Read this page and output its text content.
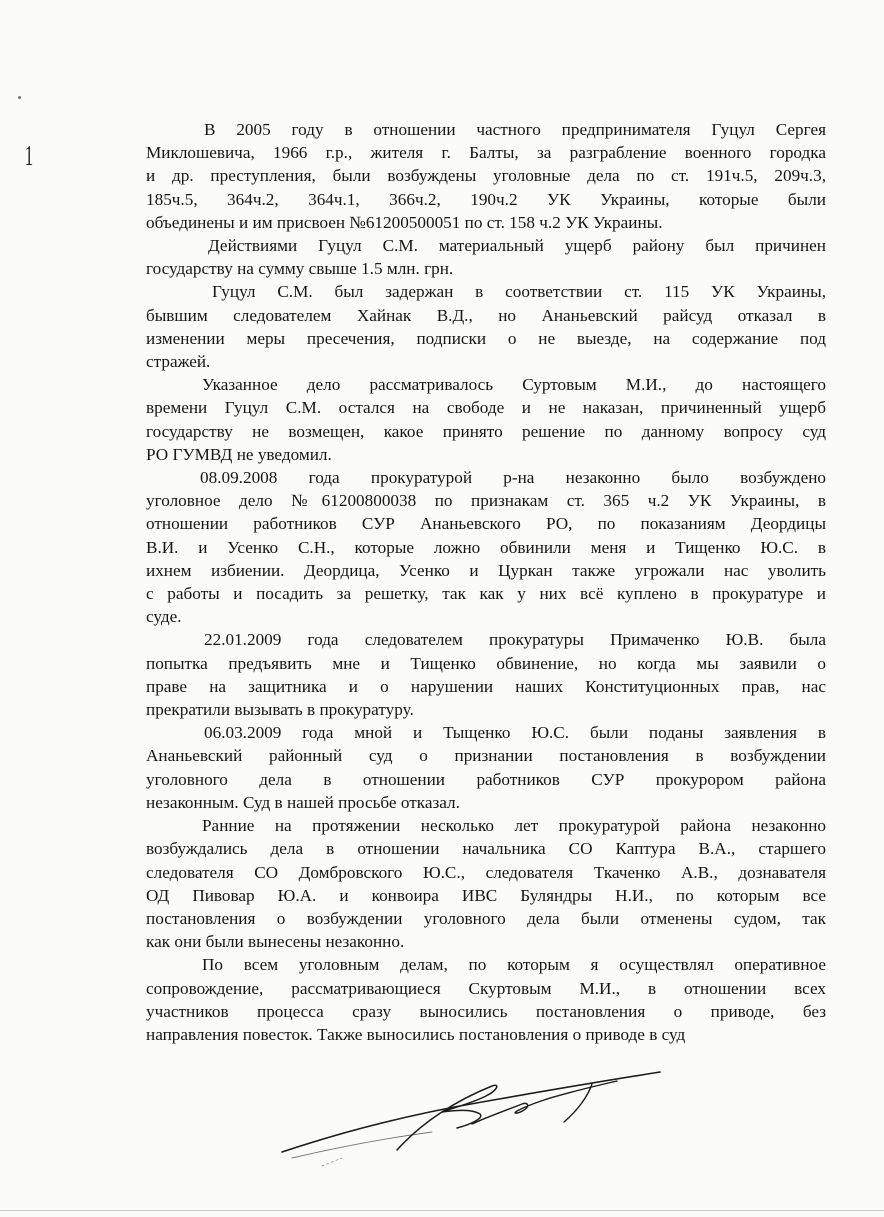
1

В 2005 году в отношении частного предпринимателя Гуцул Сергея
Миклошевича, 1966 г.р., жителя г. Балты, за разграбление военного городка
и др. преступления, были возбуждены уголовные дела по ст. 191ч.5, 209ч.3,
185ч.5, 364ч.2, 364ч.1, 366ч.2, 190ч.2 УК Украины, которые были
объединены и им присвоен №61200500051 по ст. 158 ч.2 УК Украины.

Действиями Гуцул С.М. материальный ущерб району был причинен
государству на сумму свыше 1.5 млн. грн.

Гуцул С.М. был задержан в соответствии ст. 115 УК Украины,
бывшим следователем Хайнак В.Д., но Ананьевский райсуд отказал в
изменении меры пресечения, подписки о не выезде, на содержание под
стражей.

Указанное дело рассматривалось Суртовым М.И., до настоящего
времени Гуцул С.М. остался на свободе и не наказан, причиненный ущерб
государству не возмещен, какое принято решение по данному вопросу суд
РО ГУМВД не уведомил.

08.09.2008 года прокуратурой р-на незаконно было возбуждено
уголовное дело №61200800038 по признакам ст. 365 ч.2 УК Украины, в
отношении работников СУР Ананьевского РО, по показаниям Деордицы
В.И. и Усенко С.Н., которые ложно обвинили меня и Тищенко Ю.С. в
ихнем избиении. Деордица, Усенко и Цуркан также угрожали нас уволить
с работы и посадить за решетку, так как у них всё куплено в прокуратуре и
суде.

22.01.2009 года следователем прокуратуры Примаченко Ю.В. была
попытка предъявить мне и Тищенко обвинение, но когда мы заявили о
праве на защитника и о нарушении наших Конституционных прав, нас
прекратили вызывать в прокуратуру.

06.03.2009 года мной и Тыщенко Ю.С. были поданы заявления в
Ананьевский районный суд о признании постановления в возбуждении
уголовного дела в отношении работников СУР прокурором района
незаконным. Суд в нашей просьбе отказал.

Ранние на протяжении несколько лет прокуратурой района незаконно
возбуждались дела в отношении начальника СО Каптура В.А., старшего
следователя СО Домбровского Ю.С., следователя Ткаченко А.В., дознавателя
ОД Пивовар Ю.А. и конвоира ИВС Буляндры Н.И., по которым все
постановления о возбуждении уголовного дела были отменены судом, так
как они были вынесены незаконно.

По всем уголовным делам, по которым я осуществлял оперативное
сопровождение, рассматривающиеся Скуртовым М.И., в отношении всех
участников процесса сразу выносились постановления о приводе, без
направления повесток. Также выносились постановления о приводе в суд
